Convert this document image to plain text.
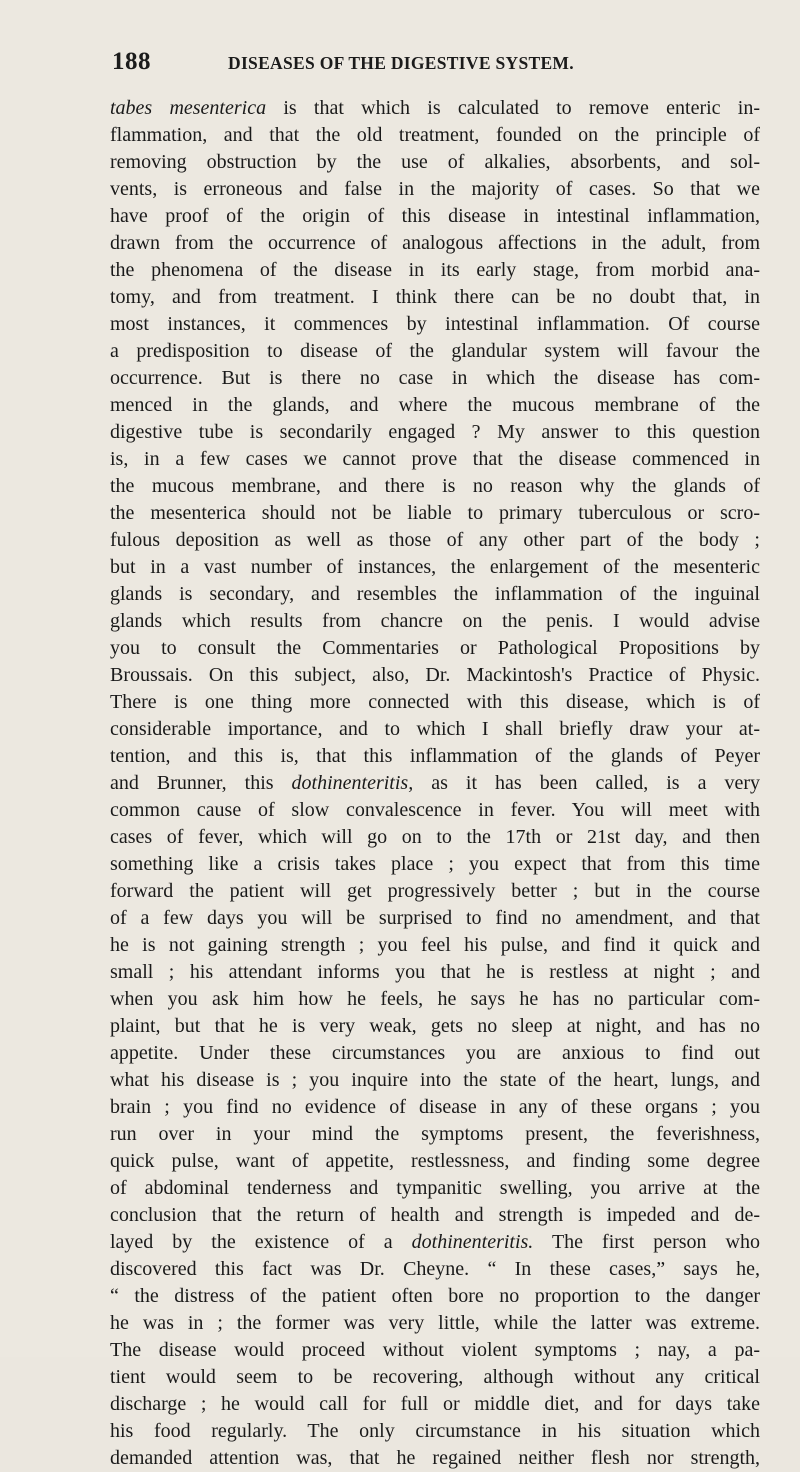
188	DISEASES OF THE DIGESTIVE SYSTEM.
tabes mesenterica is that which is calculated to remove enteric in-
flammation, and that the old treatment, founded on the principle of
removing obstruction by the use of alkalies, absorbents, and sol-
vents, is erroneous and false in the majority of cases. So that we
have proof of the origin of this disease in intestinal inflammation,
drawn from the occurrence of analogous affections in the adult, from
the phenomena of the disease in its early stage, from morbid ana-
tomy, and from treatment. I think there can be no doubt that, in
most instances, it commences by intestinal inflammation. Of course
a predisposition to disease of the glandular system will favour the
occurrence. But is there no case in which the disease has com-
menced in the glands, and where the mucous membrane of the
digestive tube is secondarily engaged ? My answer to this question
is, in a few cases we cannot prove that the disease commenced in
the mucous membrane, and there is no reason why the glands of
the mesenterica should not be liable to primary tuberculous or scro-
fulous deposition as well as those of any other part of the body ;
but in a vast number of instances, the enlargement of the mesenteric
glands is secondary, and resembles the inflammation of the inguinal
glands which results from chancre on the penis. I would advise
you to consult the Commentaries or Pathological Propositions by
Broussais. On this subject, also, Dr. Mackintosh's Practice of Physic.
There is one thing more connected with this disease, which is of
considerable importance, and to which I shall briefly draw your at-
tention, and this is, that this inflammation of the glands of Peyer
and Brunner, this dothinenteritis, as it has been called, is a very
common cause of slow convalescence in fever. You will meet with
cases of fever, which will go on to the 17th or 21st day, and then
something like a crisis takes place ; you expect that from this time
forward the patient will get progressively better ; but in the course
of a few days you will be surprised to find no amendment, and that
he is not gaining strength ; you feel his pulse, and find it quick and
small ; his attendant informs you that he is restless at night ; and
when you ask him how he feels, he says he has no particular com-
plaint, but that he is very weak, gets no sleep at night, and has no
appetite. Under these circumstances you are anxious to find out
what his disease is ; you inquire into the state of the heart, lungs, and
brain ; you find no evidence of disease in any of these organs ; you
run over in your mind the symptoms present, the feverishness,
quick pulse, want of appetite, restlessness, and finding some degree
of abdominal tenderness and tympanitic swelling, you arrive at the
conclusion that the return of health and strength is impeded and de-
layed by the existence of a dothinenteritis. The first person who
discovered this fact was Dr. Cheyne. “ In these cases,” says he,
“ the distress of the patient often bore no proportion to the danger
he was in ; the former was very little, while the latter was extreme.
The disease would proceed without violent symptoms ; nay, a pa-
tient would seem to be recovering, although without any critical
discharge ; he would call for full or middle diet, and for days take
his food regularly. The only circumstance in his situation which
demanded attention was, that he regained neither flesh nor strength,
